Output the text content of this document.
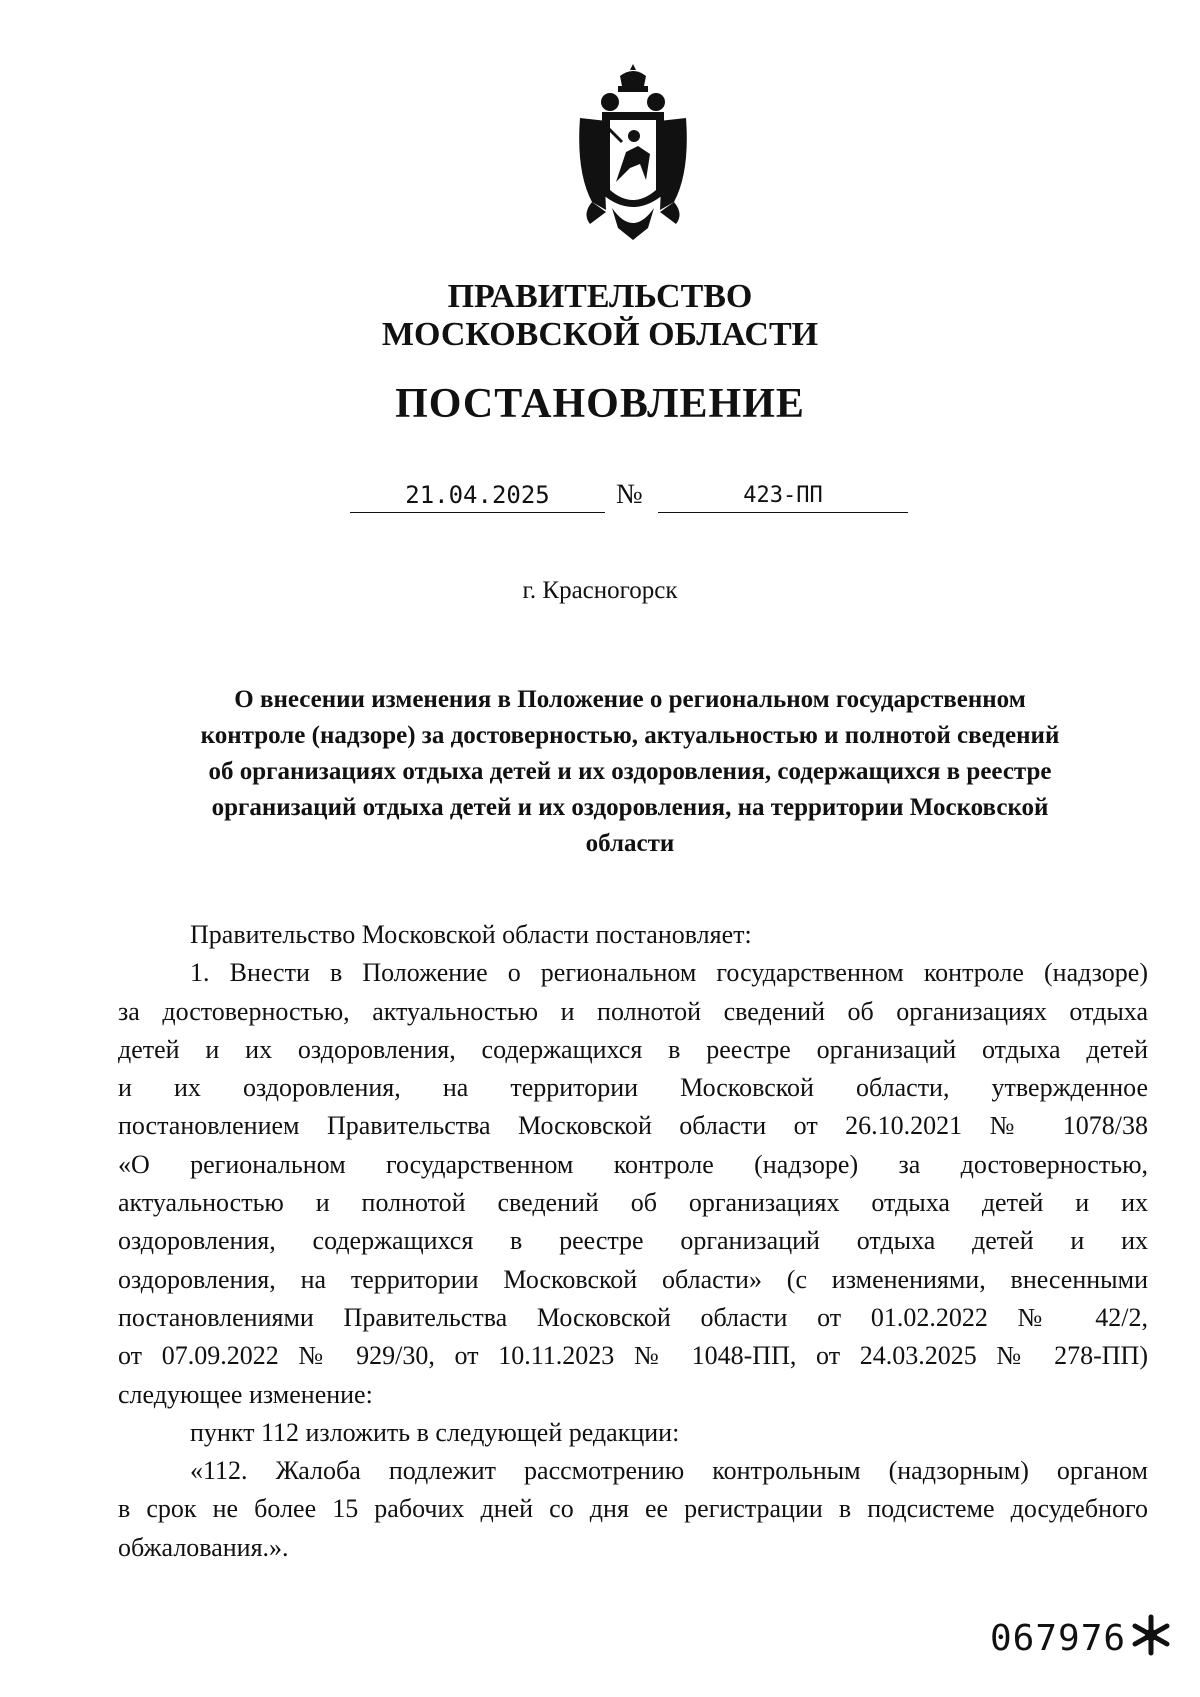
ПРАВИТЕЛЬСТВО
МОСКОВСКОЙ ОБЛАСТИ
ПОСТАНОВЛЕНИЕ
21.04.2025	№	423-ПП
г. Красногорск
О внесении изменения в Положение о региональном государственном
контроле (надзоре) за достоверностью, актуальностью и полнотой сведений
об организациях отдыха детей и их оздоровления, содержащихся в реестре
организаций отдыха детей и их оздоровления, на территории Московской
области
Правительство Московской области постановляет:
1. Внести в Положение о региональном государственном контроле (надзоре)
за достоверностью, актуальностью и полнотой сведений об организациях отдыха
детей и их оздоровления, содержащихся в реестре организаций отдыха детей
и их оздоровления, на территории Московской области, утвержденное
постановлением Правительства Московской области от 26.10.2021 № 1078/38
«О региональном государственном контроле (надзоре) за достоверностью,
актуальностью и полнотой сведений об организациях отдыха детей и их
оздоровления, содержащихся в реестре организаций отдыха детей и их
оздоровления, на территории Московской области» (с изменениями, внесенными
постановлениями Правительства Московской области от 01.02.2022 № 42/2,
от 07.09.2022 № 929/30, от 10.11.2023 № 1048-ПП, от 24.03.2025 № 278-ПП)
следующее изменение:
пункт 112 изложить в следующей редакции:
«112. Жалоба подлежит рассмотрению контрольным (надзорным) органом
в срок не более 15 рабочих дней со дня ее регистрации в подсистеме досудебного
обжалования.».
067976
